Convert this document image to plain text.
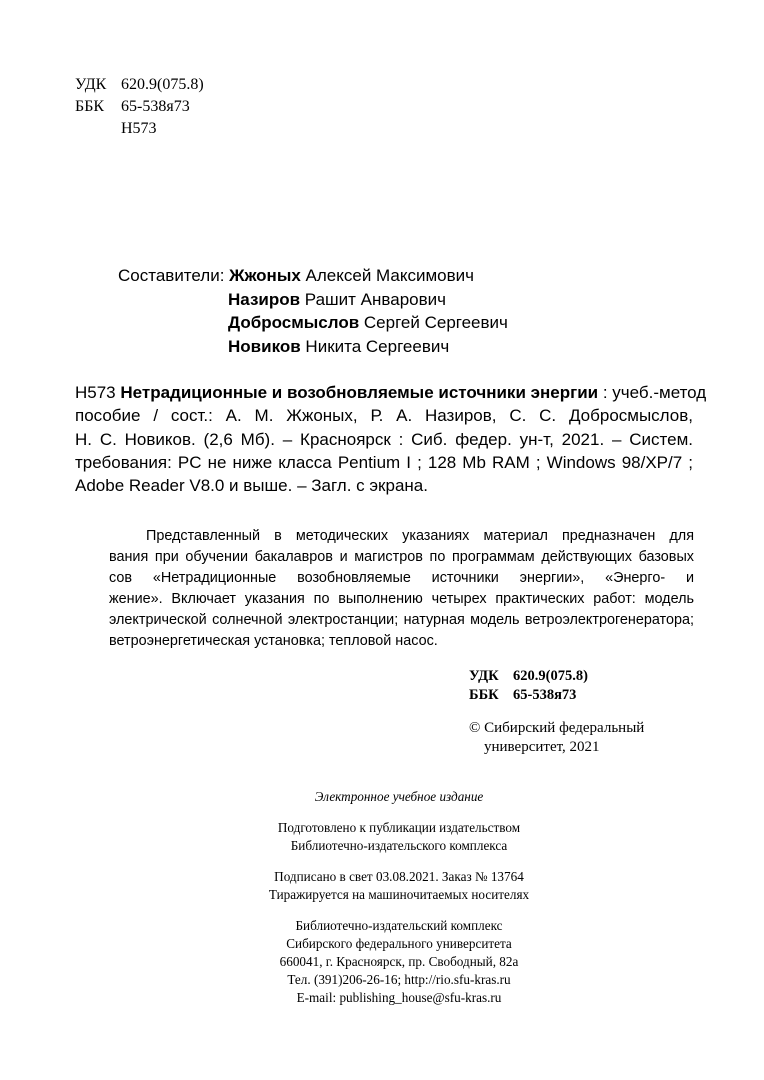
УДК 620.9(075.8)
ББК 65-538я73
Н573
Составители: Жжоных Алексей Максимович
Назиров Рашит Анварович
Добросмыслов Сергей Сергеевич
Новиков Никита Сергеевич
Н573 Нетрадиционные и возобновляемые источники энергии : учеб.-метод
пособие / сост.: А. М. Жжоных, Р. А. Назиров, С. С. Добросмыслов,
Н. С. Новиков. (2,6 Мб). – Красноярск : Сиб. федер. ун-т, 2021. – Систем.
требования: PC не ниже класса Pentium I ; 128 Mb RAM ; Windows 98/XP/7 ;
Adobe Reader V8.0 и выше. – Загл. с экрана.
Представленный в методических указаниях материал предназначен для
вания при обучении бакалавров и магистров по программам действующих базовых
сов «Нетрадиционные возобновляемые источники энергии», «Энерго- и
жение». Включает указания по выполнению четырех практических работ: модель
электрической солнечной электростанции; натурная модель ветроэлектрогенератора;
ветроэнергетическая установка; тепловой насос.
УДК 620.9(075.8)
ББК 65-538я73
© Сибирский федеральный
университет, 2021
Электронное учебное издание
Подготовлено к публикации издательством
Библиотечно-издательского комплекса
Подписано в свет 03.08.2021. Заказ № 13764
Тиражируется на машиночитаемых носителях
Библиотечно-издательский комплекс
Сибирского федерального университета
660041, г. Красноярск, пр. Свободный, 82а
Тел. (391)206-26-16; http://rio.sfu-kras.ru
E-mail: publishing_house@sfu-kras.ru
